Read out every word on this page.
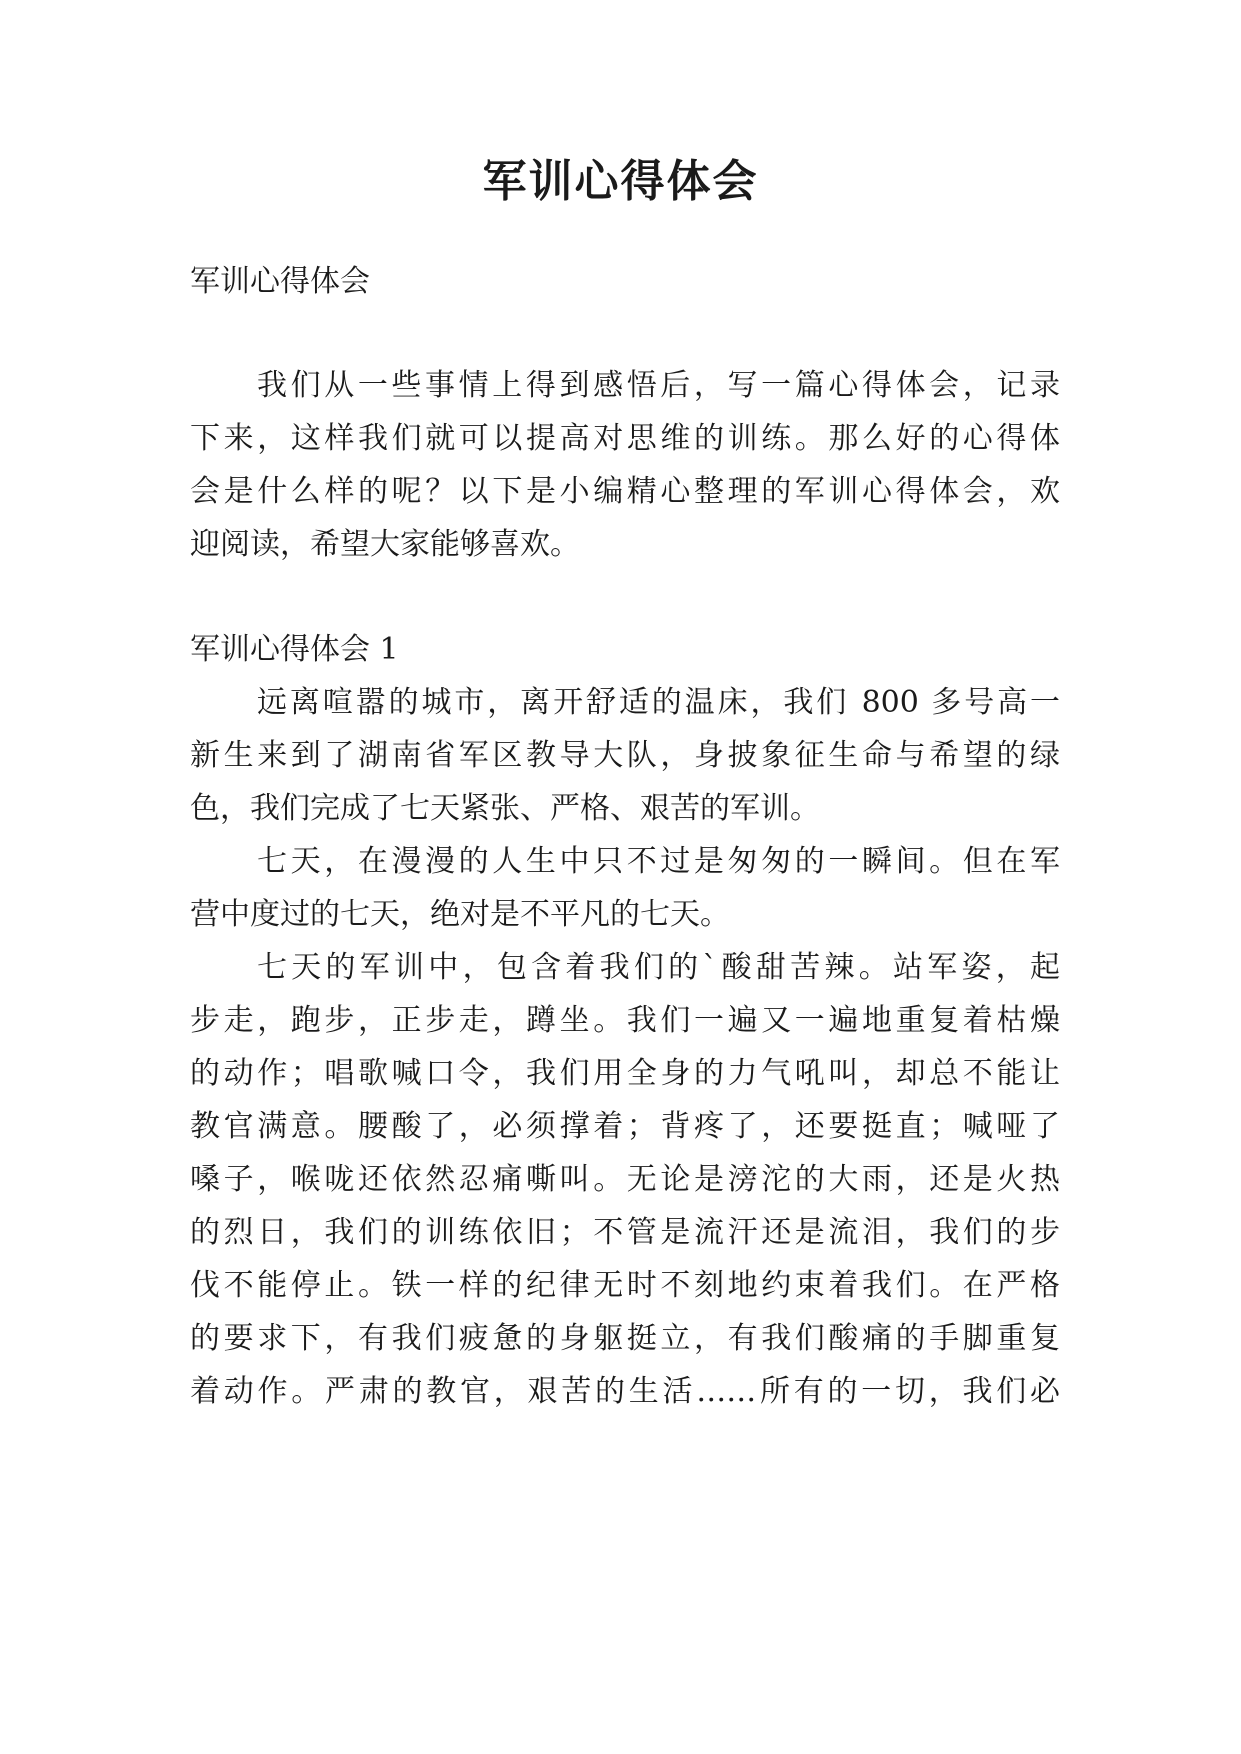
军训心得体会

军训心得体会

我们从一些事情上得到感悟后，写一篇心得体会，记录

下来，这样我们就可以提高对思维的训练。那么好的心得体

会是什么样的呢？以下是小编精心整理的军训心得体会，欢

迎阅读，希望大家能够喜欢。

军训心得体会 1

远离喧嚣的城市，离开舒适的温床，我们 800 多号高一

新生来到了湖南省军区教导大队，身披象征生命与希望的绿

色，我们完成了七天紧张、严格、艰苦的军训。

七天，在漫漫的人生中只不过是匆匆的一瞬间。但在军

营中度过的七天，绝对是不平凡的七天。

七天的军训中，包含着我们的`酸甜苦辣。站军姿，起

步走，跑步，正步走，蹲坐。我们一遍又一遍地重复着枯燥

的动作；唱歌喊口令，我们用全身的力气吼叫，却总不能让

教官满意。腰酸了，必须撑着；背疼了，还要挺直；喊哑了

嗓子，喉咙还依然忍痛嘶叫。无论是滂沱的大雨，还是火热

的烈日，我们的训练依旧；不管是流汗还是流泪，我们的步

伐不能停止。铁一样的纪律无时不刻地约束着我们。在严格

的要求下，有我们疲惫的身躯挺立，有我们酸痛的手脚重复

着动作。严肃的教官，艰苦的生活……所有的一切，我们必
